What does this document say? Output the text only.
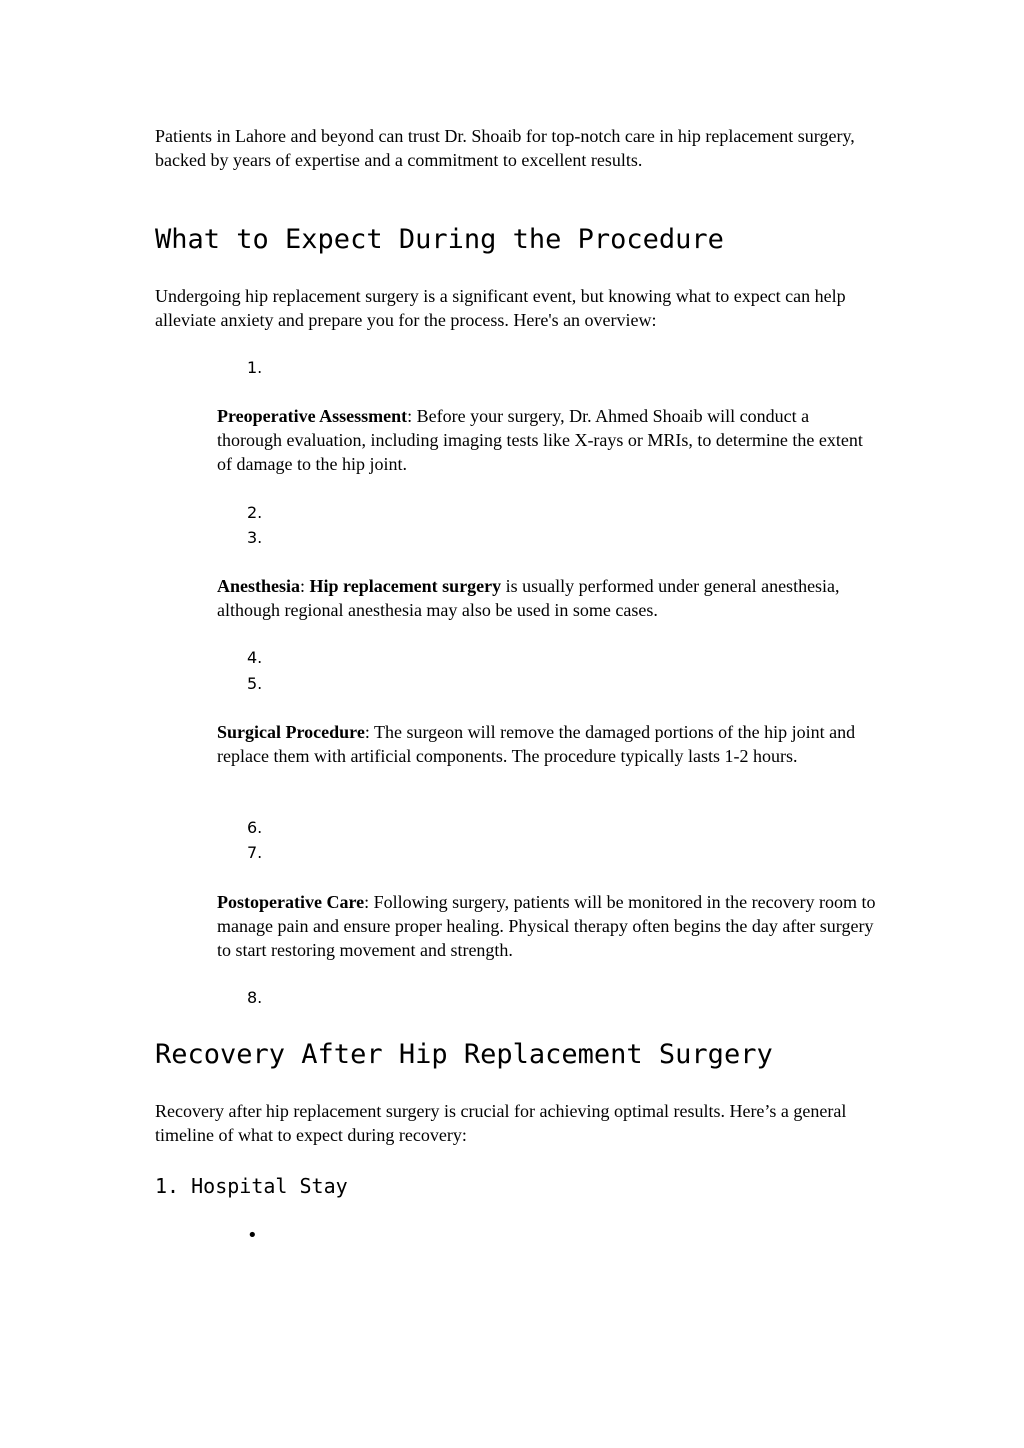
Patients in Lahore and beyond can trust Dr. Shoaib for top-notch care in hip replacement surgery, backed by years of expertise and a commitment to excellent results.

What to Expect During the Procedure

Undergoing hip replacement surgery is a significant event, but knowing what to expect can help alleviate anxiety and prepare you for the process. Here's an overview:

1.

Preoperative Assessment: Before your surgery, Dr. Ahmed Shoaib will conduct a thorough evaluation, including imaging tests like X-rays or MRIs, to determine the extent of damage to the hip joint.

2.
3.

Anesthesia: Hip replacement surgery is usually performed under general anesthesia, although regional anesthesia may also be used in some cases.

4.
5.

Surgical Procedure: The surgeon will remove the damaged portions of the hip joint and replace them with artificial components. The procedure typically lasts 1-2 hours.

6.
7.

Postoperative Care: Following surgery, patients will be monitored in the recovery room to manage pain and ensure proper healing. Physical therapy often begins the day after surgery to start restoring movement and strength.

8.
Recovery After Hip Replacement Surgery

Recovery after hip replacement surgery is crucial for achieving optimal results. Here’s a general timeline of what to expect during recovery:

1. Hospital Stay
•
